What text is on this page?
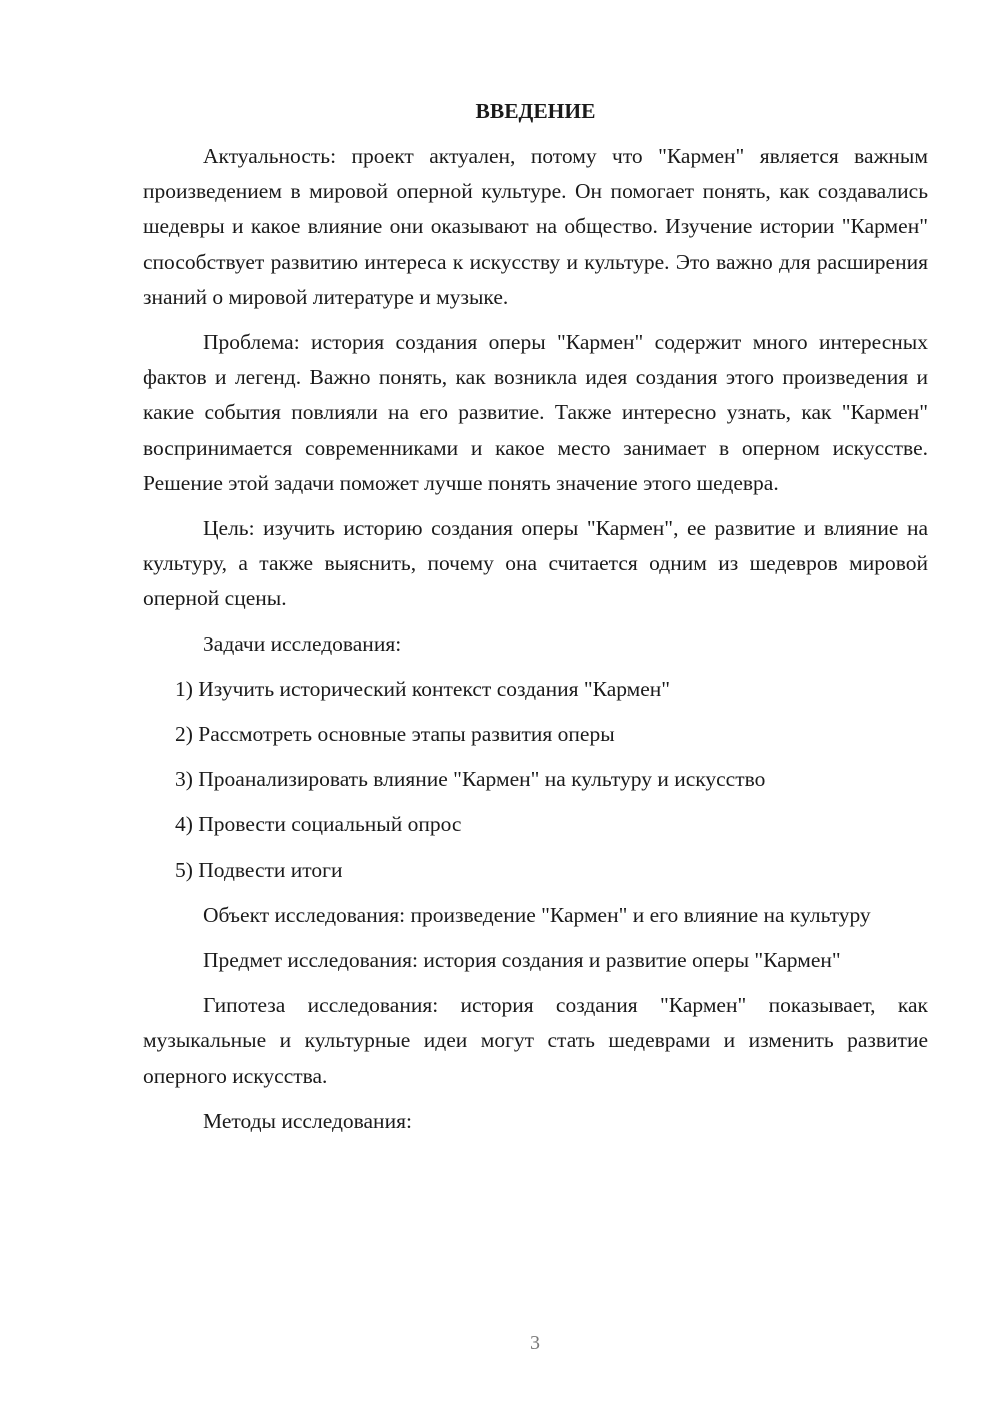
ВВЕДЕНИЕ

Актуальность: проект актуален, потому что "Кармен" является важным произведением в мировой оперной культуре. Он помогает понять, как создавались шедевры и какое влияние они оказывают на общество. Изучение истории "Кармен" способствует развитию интереса к искусству и культуре. Это важно для расширения знаний о мировой литературе и музыке.

Проблема: история создания оперы "Кармен" содержит много интересных фактов и легенд. Важно понять, как возникла идея создания этого произведения и какие события повлияли на его развитие. Также интересно узнать, как "Кармен" воспринимается современниками и какое место занимает в оперном искусстве. Решение этой задачи поможет лучше понять значение этого шедевра.

Цель: изучить историю создания оперы "Кармен", ее развитие и влияние на культуру, а также выяснить, почему она считается одним из шедевров мировой оперной сцены.

Задачи исследования:

1) Изучить исторический контекст создания "Кармен"

2) Рассмотреть основные этапы развития оперы

3) Проанализировать влияние "Кармен" на культуру и искусство

4) Провести социальный опрос

5) Подвести итоги

Объект исследования: произведение "Кармен" и его влияние на культуру

Предмет исследования: история создания и развитие оперы "Кармен"

Гипотеза исследования: история создания "Кармен" показывает, как музыкальные и культурные идеи могут стать шедеврами и изменить развитие оперного искусства.

Методы исследования:

3
